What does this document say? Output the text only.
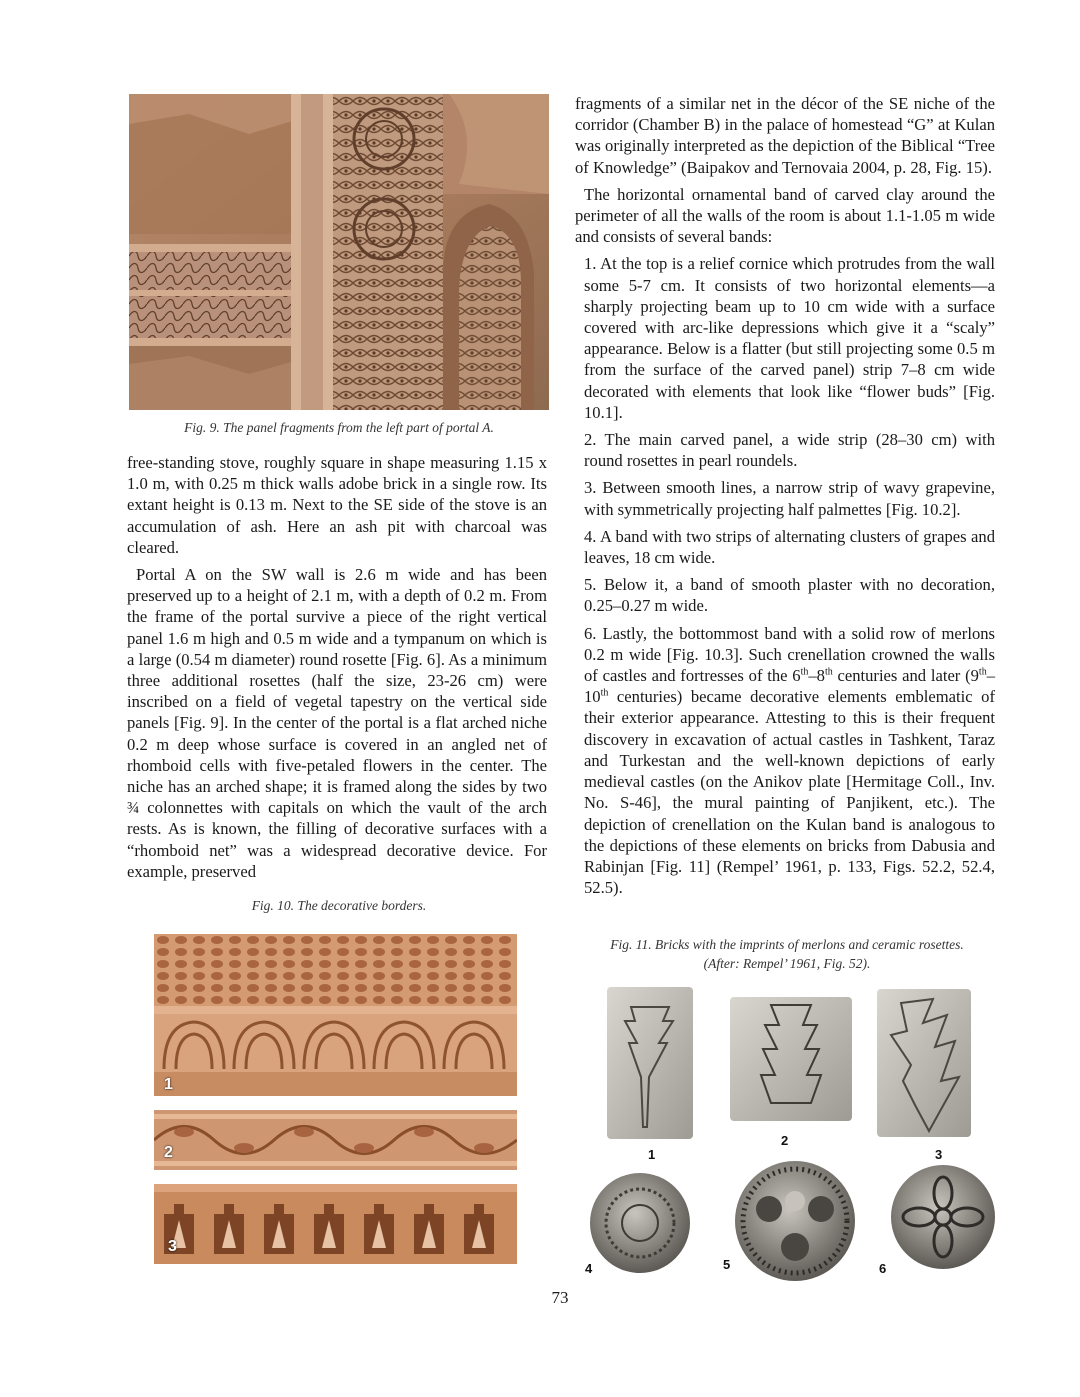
Fig. 9. The panel fragments from the left part of portal A.

free-standing stove, roughly square in shape measuring 1.15 x 1.0 m, with 0.25 m thick walls adobe brick in a single row. Its extant height is 0.13 m. Next to the SE side of the stove is an accumulation of ash. Here an ash pit with charcoal was cleared.

Portal A on the SW wall is 2.6 m wide and has been preserved up to a height of 2.1 m, with a depth of 0.2 m. From the frame of the portal survive a piece of the right vertical panel 1.6 m high and 0.5 m wide and a tympanum on which is a large (0.54 m diameter) round rosette [Fig. 6]. As a minimum three additional rosettes (half the size, 23-26 cm) were inscribed on a field of vegetal tapestry on the vertical side panels [Fig. 9]. In the center of the portal is a flat arched niche 0.2 m deep whose surface is covered in an angled net of rhomboid cells with five-petaled flowers in the center. The niche has an arched shape; it is framed along the sides by two ¾ colonnettes with capitals on which the vault of the arch rests. As is known, the filling of decorative surfaces with a “rhomboid net” was a widespread decorative device. For example, preserved

Fig. 10. The decorative borders.
1
2
3

fragments of a similar net in the décor of the SE niche of the corridor (Chamber B) in the palace of homestead “G” at Kulan was originally interpreted as the depiction of the Biblical “Tree of Knowledge” (Baipakov and Ternovaia 2004, p. 28, Fig. 15).

The horizontal ornamental band of carved clay around the perimeter of all the walls of the room is about 1.1-1.05 m wide and consists of several bands:

1. At the top is a relief cornice which protrudes from the wall some 5-7 cm. It consists of two horizontal elements—a sharply projecting beam up to 10 cm wide with a surface covered with arc-like depressions which give it a “scaly” appearance. Below is a flatter (but still projecting some 0.5 m from the surface of the carved panel) strip 7–8 cm wide decorated with elements that look like “flower buds” [Fig. 10.1].

2. The main carved panel, a wide strip (28–30 cm) with round rosettes in pearl roundels.

3. Between smooth lines, a narrow strip of wavy grapevine, with symmetrically projecting half palmettes [Fig. 10.2].

4. A band with two strips of alternating clusters of grapes and leaves, 18 cm wide.

5. Below it, a band of smooth plaster with no decoration, 0.25–0.27 m wide.

6. Lastly, the bottommost band with a solid row of merlons 0.2 m wide [Fig. 10.3]. Such crenellation crowned the walls of castles and fortresses of the 6th–8th centuries and later (9th–10th centuries) became decorative elements emblematic of their exterior appearance. Attesting to this is their frequent discovery in excavation of actual castles in Tashkent, Taraz and Turkestan and the well-known depictions of early medieval castles (on the Anikov plate [Hermitage Coll., Inv. No. S-46], the mural painting of Panjikent, etc.). The depiction of crenellation on the Kulan band is analogous to the depictions of these elements on bricks from Dabusia and Rabinjan [Fig. 11] (Rempel’ 1961, p. 133, Figs. 52.2, 52.4, 52.5).

Fig. 11. Bricks with the imprints of merlons and ceramic rosettes.
(After: Rempel’ 1961, Fig. 52).
1
2
3
4	5	6
73
